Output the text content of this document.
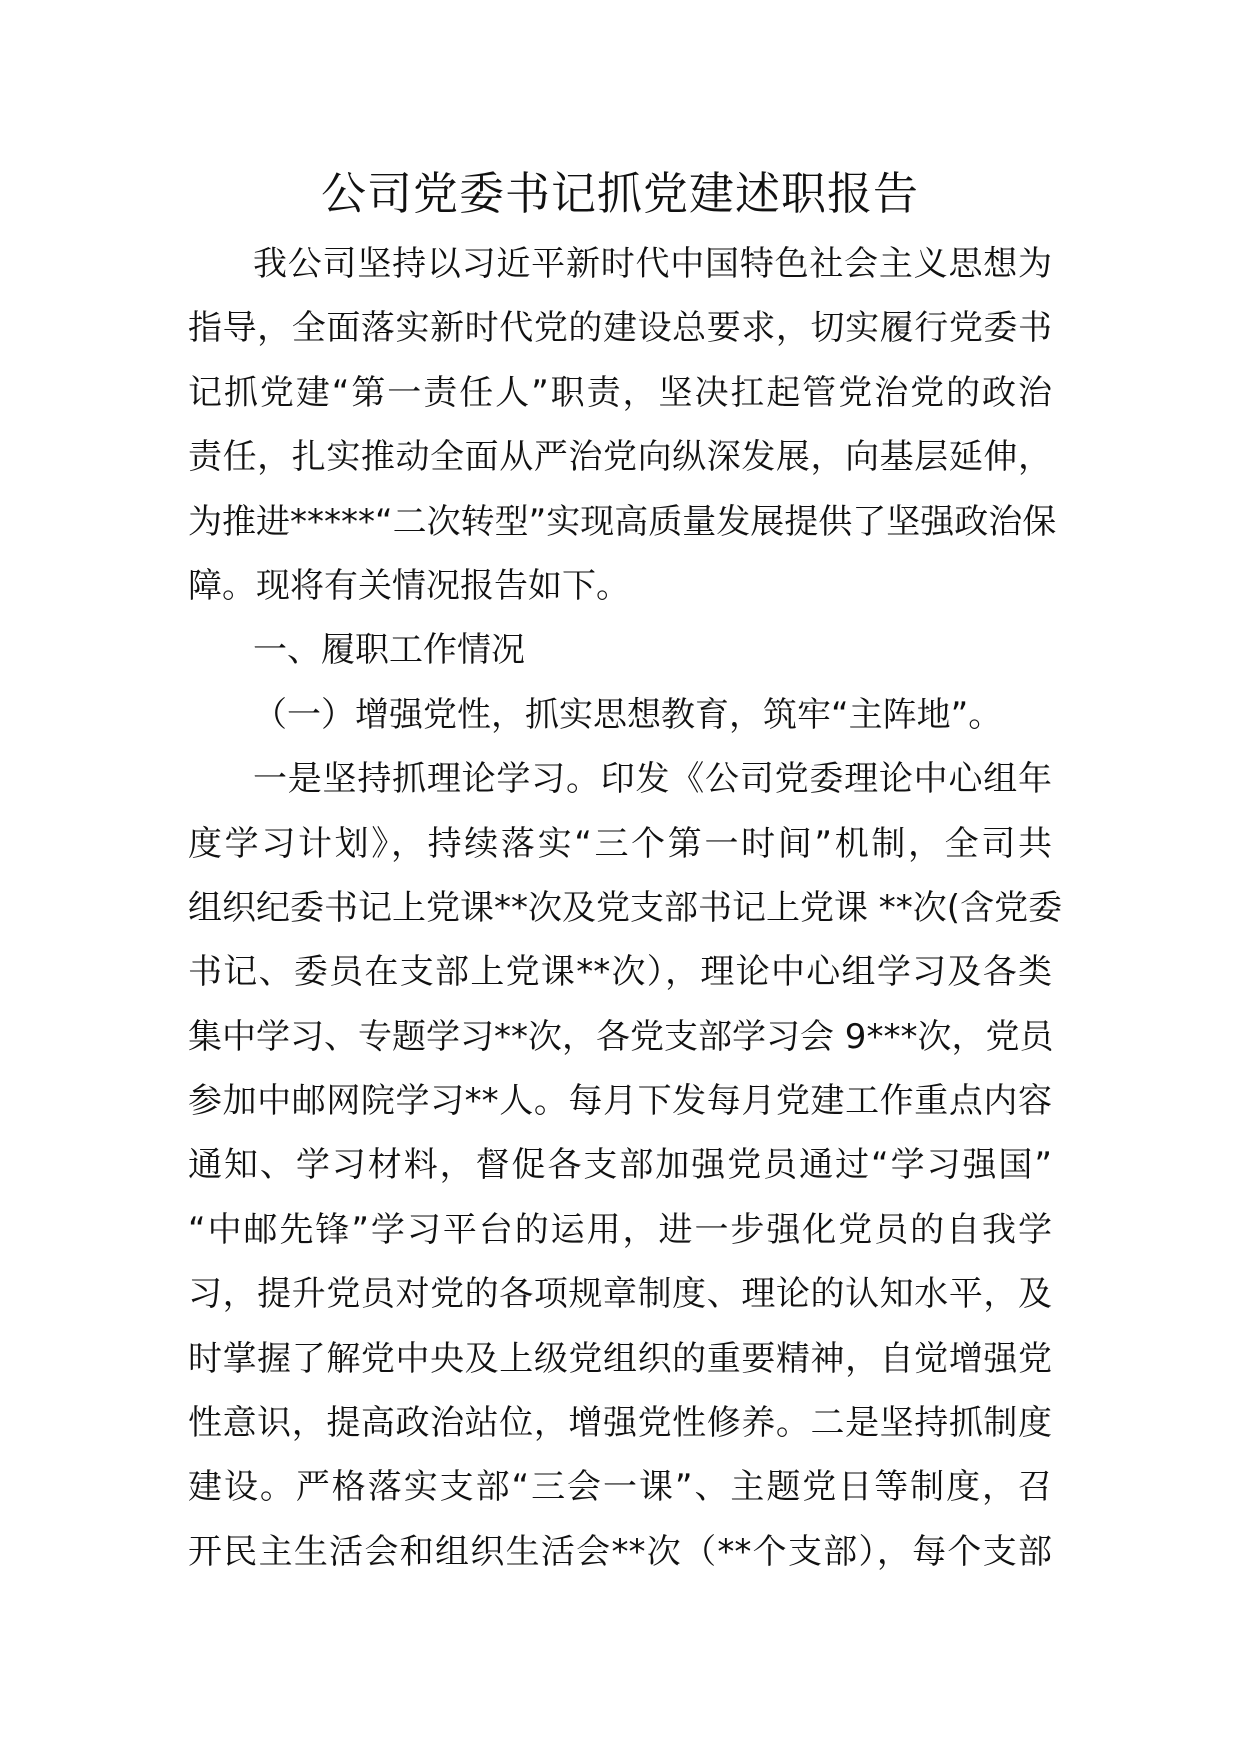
公司党委书记抓党建述职报告
我公司坚持以习近平新时代中国特色社会主义思想为
指导，全面落实新时代党的建设总要求，切实履行党委书
记抓党建“第一责任人”职责，坚决扛起管党治党的政治
责任，扎实推动全面从严治党向纵深发展，向基层延伸，
为推进*****“二次转型”实现高质量发展提供了坚强政治保
障。现将有关情况报告如下。
一、履职工作情况
（一）增强党性，抓实思想教育，筑牢“主阵地”。
一是坚持抓理论学习。印发《公司党委理论中心组年
度学习计划》，持续落实“三个第一时间”机制，全司共
组织纪委书记上党课**次及党支部书记上党课 **次(含党委
书记、委员在支部上党课**次），理论中心组学习及各类
集中学习、专题学习**次，各党支部学习会 9***次，党员
参加中邮网院学习**人。每月下发每月党建工作重点内容
通知、学习材料，督促各支部加强党员通过“学习强国”
“中邮先锋”学习平台的运用，进一步强化党员的自我学
习，提升党员对党的各项规章制度、理论的认知水平，及
时掌握了解党中央及上级党组织的重要精神，自觉增强党
性意识，提高政治站位，增强党性修养。二是坚持抓制度
建设。严格落实支部“三会一课”、主题党日等制度，召
开民主生活会和组织生活会**次（**个支部），每个支部
